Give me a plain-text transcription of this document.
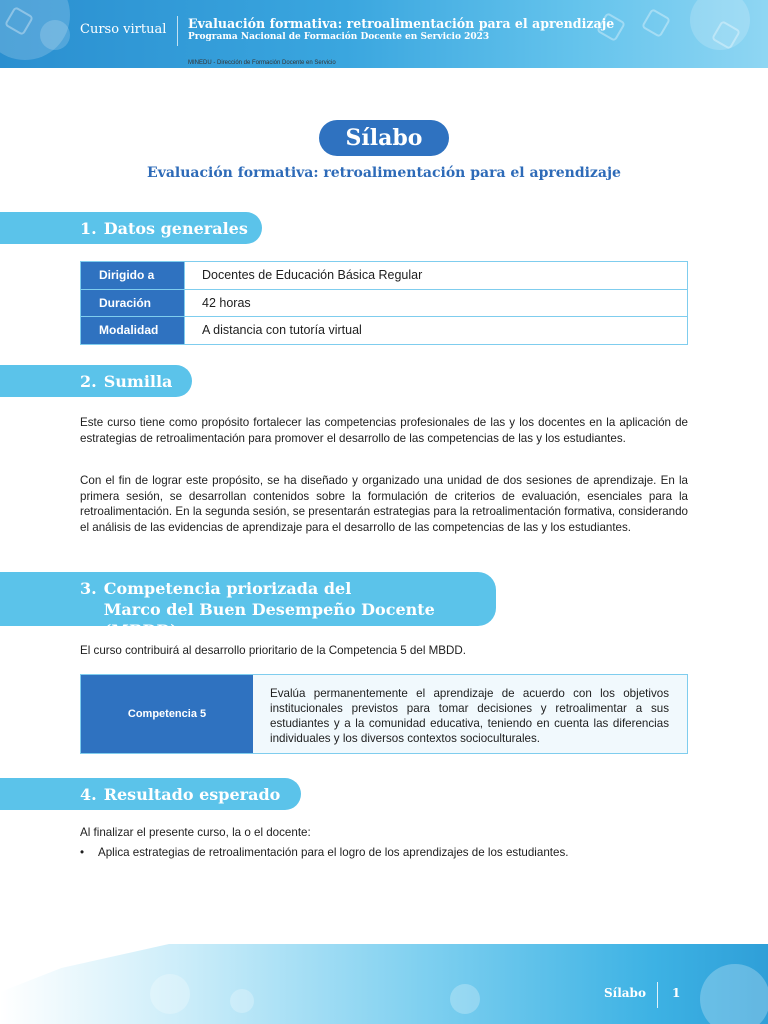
Curso virtual Evaluación formativa: retroalimentación para el aprendizaje
Programa Nacional de Formación Docente en Servicio 2023
MINEDU - Dirección de Formación Docente en Servicio
Sílabo
Evaluación formativa: retroalimentación para el aprendizaje
1. Datos generales
Dirigido a	Docentes de Educación Básica Regular
Duración	42 horas
Modalidad	A distancia con tutoría virtual
2. Sumilla

Este curso tiene como propósito fortalecer las competencias profesionales de las y los docentes en la aplicación de estrategias de retroalimentación para promover el desarrollo de las competencias de las y los estudiantes.

Con el fin de lograr este propósito, se ha diseñado y organizado una unidad de dos sesiones de aprendizaje. En la primera sesión, se desarrollan contenidos sobre la formulación de criterios de evaluación, esenciales para la retroalimentación. En la segunda sesión, se presentarán estrategias para la retroalimentación formativa, considerando el análisis de las evidencias de aprendizaje para el desarrollo de las competencias de las y los estudiantes.

3. Competencia priorizada del
Marco del Buen Desempeño Docente (MBDD)

El curso contribuirá al desarrollo prioritario de la Competencia 5 del MBDD.

Competencia 5
Evalúa permanentemente el aprendizaje de acuerdo con los objetivos institucionales previstos para tomar decisiones y retroalimentar a sus estudiantes y a la comunidad educativa, teniendo en cuenta las diferencias individuales y los diversos contextos socioculturales.
4. Resultado esperado

Al finalizar el presente curso, la o el docente:

• Aplica estrategias de retroalimentación para el logro de los aprendizajes de los estudiantes.
Sílabo 1
